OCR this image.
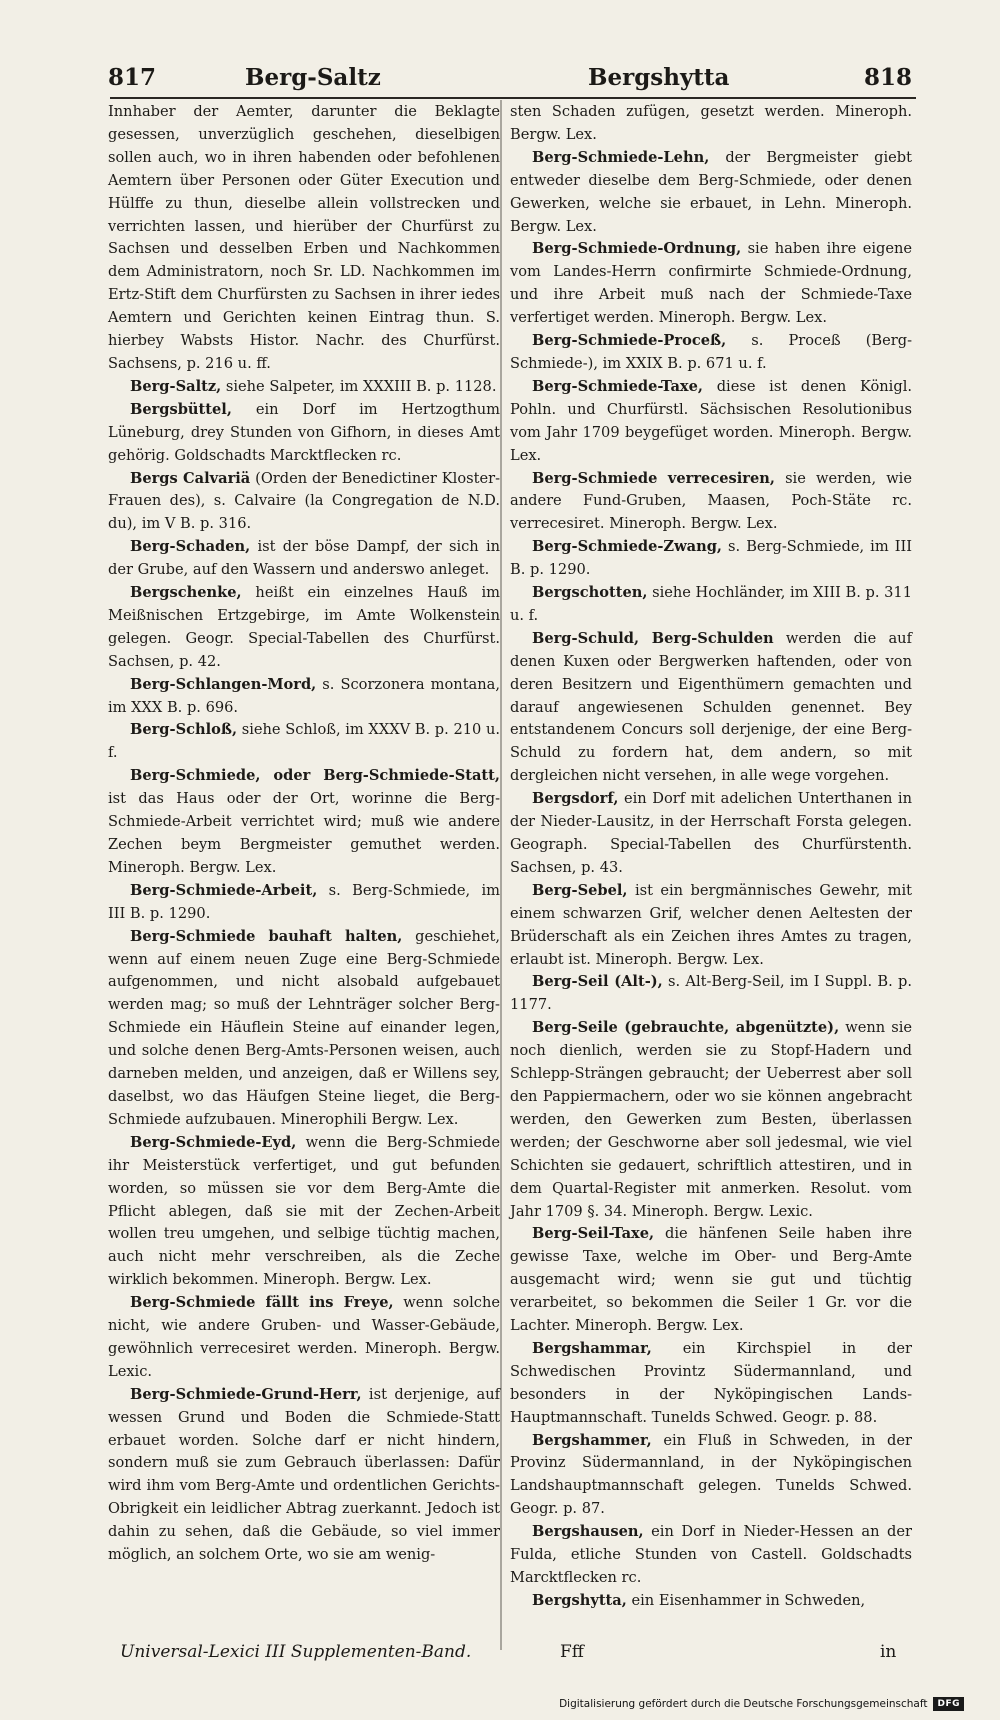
817	Berg-Saltz	Bergshytta	818

Innhaber der Aemter, darunter die Beklagte gesessen, unverzüglich geschehen, dieselbigen sollen auch, wo in ihren habenden oder befohlenen Aemtern über Personen oder Güter Execution und Hülffe zu thun, dieselbe allein vollstrecken und verrichten lassen, und hierüber der Churfürst zu Sachsen und desselben Erben und Nachkommen dem Administratorn, noch Sr. LD. Nachkommen im Ertz-Stift dem Churfürsten zu Sachsen in ihrer iedes Aemtern und Gerichten keinen Eintrag thun. S. hierbey Wabsts Histor. Nachr. des Churfürst. Sachsens, p. 216 u. ff.

Berg-Saltz, siehe Salpeter, im XXXIII B. p. 1128.

Bergsbüttel, ein Dorf im Hertzogthum Lüneburg, drey Stunden von Gifhorn, in dieses Amt gehörig. Goldschadts Marcktflecken rc.

Bergs Calvariä (Orden der Benedictiner Kloster-Frauen des), s. Calvaire (la Congregation de N.D. du), im V B. p. 316.

Berg-Schaden, ist der böse Dampf, der sich in der Grube, auf den Wassern und anderswo anleget.

Bergschenke, heißt ein einzelnes Hauß im Meißnischen Ertzgebirge, im Amte Wolkenstein gelegen. Geogr. Special-Tabellen des Churfürst. Sachsen, p. 42.

Berg-Schlangen-Mord, s. Scorzonera montana, im XXX B. p. 696.

Berg-Schloß, siehe Schloß, im XXXV B. p. 210 u. f.

Berg-Schmiede, oder Berg-Schmiede-Statt, ist das Haus oder der Ort, worinne die Berg-Schmiede-Arbeit verrichtet wird; muß wie andere Zechen beym Bergmeister gemuthet werden. Mineroph. Bergw. Lex.

Berg-Schmiede-Arbeit, s. Berg-Schmiede, im III B. p. 1290.

Berg-Schmiede bauhaft halten, geschiehet, wenn auf einem neuen Zuge eine Berg-Schmiede aufgenommen, und nicht alsobald aufgebauet werden mag; so muß der Lehnträger solcher Berg-Schmiede ein Häuflein Steine auf einander legen, und solche denen Berg-Amts-Personen weisen, auch darneben melden, und anzeigen, daß er Willens sey, daselbst, wo das Häufgen Steine lieget, die Berg-Schmiede aufzubauen. Minerophili Bergw. Lex.

Berg-Schmiede-Eyd, wenn die Berg-Schmiede ihr Meisterstück verfertiget, und gut befunden worden, so müssen sie vor dem Berg-Amte die Pflicht ablegen, daß sie mit der Zechen-Arbeit wollen treu umgehen, und selbige tüchtig machen, auch nicht mehr verschreiben, als die Zeche wirklich bekommen. Mineroph. Bergw. Lex.

Berg-Schmiede fällt ins Freye, wenn solche nicht, wie andere Gruben- und Wasser-Gebäude, gewöhnlich verrecesiret werden. Mineroph. Bergw. Lexic.

Berg-Schmiede-Grund-Herr, ist derjenige, auf wessen Grund und Boden die Schmiede-Statt erbauet worden. Solche darf er nicht hindern, sondern muß sie zum Gebrauch überlassen: Dafür wird ihm vom Berg-Amte und ordentlichen Gerichts-Obrigkeit ein leidlicher Abtrag zuerkannt. Jedoch ist dahin zu sehen, daß die Gebäude, so viel immer möglich, an solchem Orte, wo sie am wenig-

sten Schaden zufügen, gesetzt werden. Mineroph. Bergw. Lex.

Berg-Schmiede-Lehn, der Bergmeister giebt entweder dieselbe dem Berg-Schmiede, oder denen Gewerken, welche sie erbauet, in Lehn. Mineroph. Bergw. Lex.

Berg-Schmiede-Ordnung, sie haben ihre eigene vom Landes-Herrn confirmirte Schmiede-Ordnung, und ihre Arbeit muß nach der Schmiede-Taxe verfertiget werden. Mineroph. Bergw. Lex.

Berg-Schmiede-Proceß, s. Proceß (Berg-Schmiede-), im XXIX B. p. 671 u. f.

Berg-Schmiede-Taxe, diese ist denen Königl. Pohln. und Churfürstl. Sächsischen Resolutionibus vom Jahr 1709 beygefüget worden. Mineroph. Bergw. Lex.

Berg-Schmiede verrecesiren, sie werden, wie andere Fund-Gruben, Maasen, Poch-Stäte rc. verrecesiret. Mineroph. Bergw. Lex.

Berg-Schmiede-Zwang, s. Berg-Schmiede, im III B. p. 1290.

Bergschotten, siehe Hochländer, im XIII B. p. 311 u. f.

Berg-Schuld, Berg-Schulden werden die auf denen Kuxen oder Bergwerken haftenden, oder von deren Besitzern und Eigenthümern gemachten und darauf angewiesenen Schulden genennet. Bey entstandenem Concurs soll derjenige, der eine Berg-Schuld zu fordern hat, dem andern, so mit dergleichen nicht versehen, in alle wege vorgehen.

Bergsdorf, ein Dorf mit adelichen Unterthanen in der Nieder-Lausitz, in der Herrschaft Forsta gelegen. Geograph. Special-Tabellen des Churfürstenth. Sachsen, p. 43.

Berg-Sebel, ist ein bergmännisches Gewehr, mit einem schwarzen Grif, welcher denen Aeltesten der Brüderschaft als ein Zeichen ihres Amtes zu tragen, erlaubt ist. Mineroph. Bergw. Lex.

Berg-Seil (Alt-), s. Alt-Berg-Seil, im I Suppl. B. p. 1177.

Berg-Seile (gebrauchte, abgenützte), wenn sie noch dienlich, werden sie zu Stopf-Hadern und Schlepp-Strängen gebraucht; der Ueberrest aber soll den Pappiermachern, oder wo sie können angebracht werden, den Gewerken zum Besten, überlassen werden; der Geschworne aber soll jedesmal, wie viel Schichten sie gedauert, schriftlich attestiren, und in dem Quartal-Register mit anmerken. Resolut. vom Jahr 1709 §. 34. Mineroph. Bergw. Lexic.

Berg-Seil-Taxe, die hänfenen Seile haben ihre gewisse Taxe, welche im Ober- und Berg-Amte ausgemacht wird; wenn sie gut und tüchtig verarbeitet, so bekommen die Seiler 1 Gr. vor die Lachter. Mineroph. Bergw. Lex.

Bergshammar, ein Kirchspiel in der Schwedischen Provintz Südermannland, und besonders in der Nyköpingischen Lands-Hauptmannschaft. Tunelds Schwed. Geogr. p. 88.

Bergshammer, ein Fluß in Schweden, in der Provinz Südermannland, in der Nyköpingischen Landshauptmannschaft gelegen. Tunelds Schwed. Geogr. p. 87.

Bergshausen, ein Dorf in Nieder-Hessen an der Fulda, etliche Stunden von Castell. Goldschadts Marcktflecken rc.

Bergshytta, ein Eisenhammer in Schweden,

Universal-Lexici III Supplementen-Band.	Fff	in
Digitalisierung gefördert durch die Deutsche Forschungsgemeinschaft	DFG
